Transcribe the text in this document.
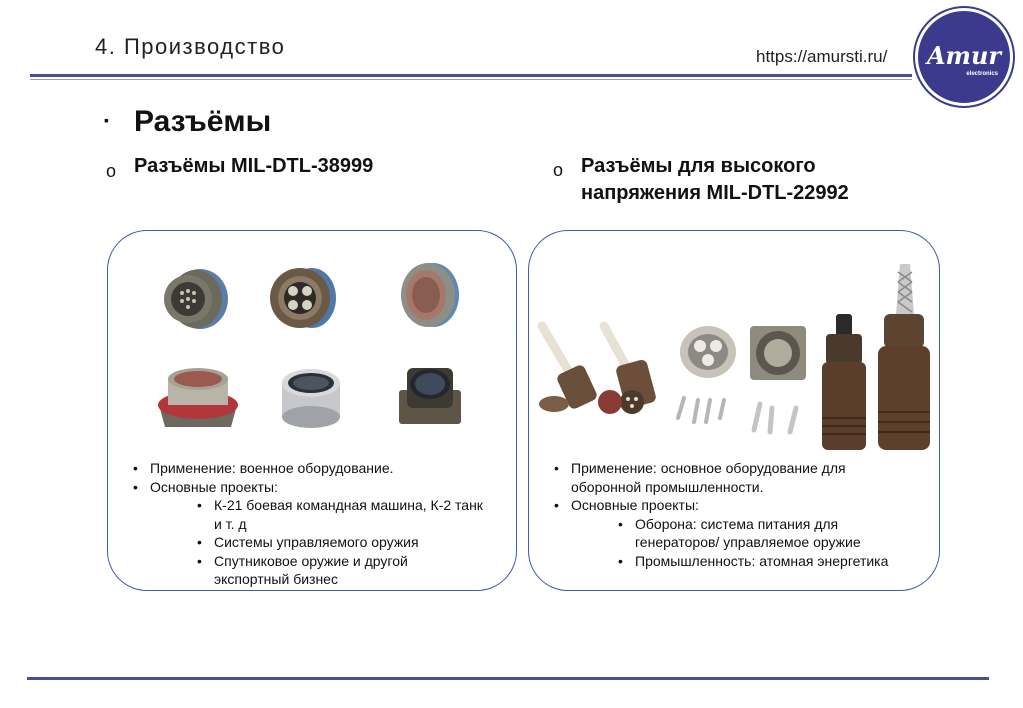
4. Производство	https://amursti.ru/	Amur
electronics
▪ Разъёмы
o Разъёмы MIL-DTL-38999	o Разъёмы для высокого напряжения MIL-DTL-22992
• Применение: военное оборудование.
• Основные проекты:
• К-21 боевая командная машина, К-2 танк и т. д
• Системы управляемого оружия
• Спутниковое оружие и другой экспортный бизнес
• Применение: основное оборудование для оборонной промышленности.
• Основные проекты:
• Оборона: система питания для генераторов/ управляемое оружие
• Промышленность: атомная энергетика
